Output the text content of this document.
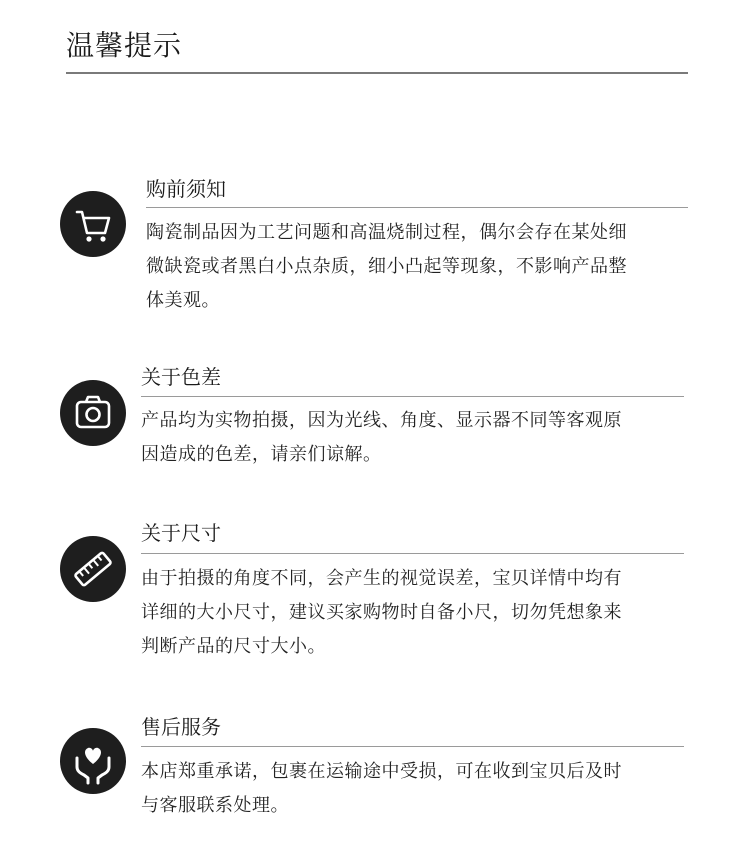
温馨提示
购前须知
陶瓷制品因为工艺问题和高温烧制过程，偶尔会存在某处细
微缺瓷或者黑白小点杂质，细小凸起等现象，不影响产品整
体美观。
关于色差
产品均为实物拍摄，因为光线、角度、显示器不同等客观原
因造成的色差，请亲们谅解。
关于尺寸
由于拍摄的角度不同，会产生的视觉误差，宝贝详情中均有
详细的大小尺寸，建议买家购物时自备小尺，切勿凭想象来
判断产品的尺寸大小。
售后服务
本店郑重承诺，包裹在运输途中受损，可在收到宝贝后及时
与客服联系处理。
